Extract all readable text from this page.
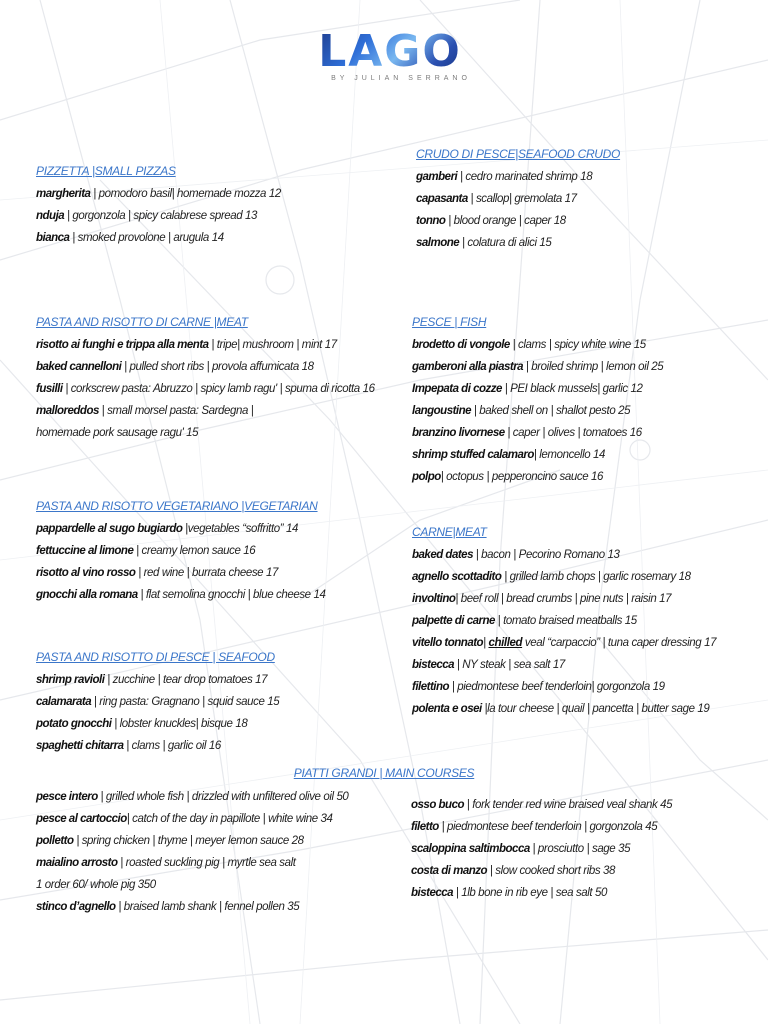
LAGO
BY JULIAN SERRANO
PIZZETTA |SMALL PIZZAS
margherita | pomodoro basil| homemade mozza 12
nduja | gorgonzola | spicy calabrese spread 13
bianca | smoked provolone | arugula 14
CRUDO DI PESCE|SEAFOOD CRUDO
gamberi | cedro marinated shrimp 18
capasanta | scallop| gremolata 17
tonno | blood orange | caper 18
salmone | colatura di alici 15
PASTA AND RISOTTO DI CARNE |MEAT
risotto ai funghi e trippa alla menta | tripe| mushroom | mint 17
baked cannelloni | pulled short ribs | provola affumicata 18
fusilli | corkscrew pasta: Abruzzo | spicy lamb ragu' | spuma di ricotta 16
malloreddos | small morsel pasta: Sardegna |
homemade pork sausage ragu' 15
PESCE | FISH
brodetto di vongole | clams | spicy white wine 15
gamberoni alla piastra | broiled shrimp | lemon oil 25
Impepata di cozze | PEI black mussels| garlic 12
langoustine | baked shell on | shallot pesto 25
branzino livornese | caper | olives | tomatoes 16
shrimp stuffed calamaro| lemoncello 14
polpo| octopus | pepperoncino sauce 16
PASTA AND RISOTTO VEGETARIANO |VEGETARIAN
pappardelle al sugo bugiardo |vegetables “soffritto” 14
fettuccine al limone | creamy lemon sauce 16
risotto al vino rosso | red wine | burrata cheese 17
gnocchi alla romana | flat semolina gnocchi | blue cheese 14
CARNE|MEAT
baked dates | bacon | Pecorino Romano 13
agnello scottadito | grilled lamb chops | garlic rosemary 18
involtino| beef roll | bread crumbs | pine nuts | raisin 17
palpette di carne | tomato braised meatballs 15
vitello tonnato| chilled veal “carpaccio” | tuna caper dressing 17
bistecca | NY steak | sea salt 17
filettino | piedmontese beef tenderloin| gorgonzola 19
polenta e osei |la tour cheese | quail | pancetta | butter sage 19
PASTA AND RISOTTO DI PESCE | SEAFOOD
shrimp ravioli | zucchine | tear drop tomatoes 17
calamarata | ring pasta: Gragnano | squid sauce 15
potato gnocchi | lobster knuckles| bisque 18
spaghetti chitarra | clams | garlic oil 16
PIATTI GRANDI | MAIN COURSES
pesce intero | grilled whole fish | drizzled with unfiltered olive oil 50
pesce al cartoccio| catch of the day in papillote | white wine 34
polletto | spring chicken | thyme | meyer lemon sauce 28
maialino arrosto | roasted suckling pig | myrtle sea salt
1 order 60/ whole pig 350
stinco d’agnello | braised lamb shank | fennel pollen 35
osso buco | fork tender red wine braised veal shank 45
filetto | piedmontese beef tenderloin | gorgonzola 45
scaloppina saltimbocca | prosciutto | sage 35
costa di manzo | slow cooked short ribs 38
bistecca | 1lb bone in rib eye | sea salt 50
